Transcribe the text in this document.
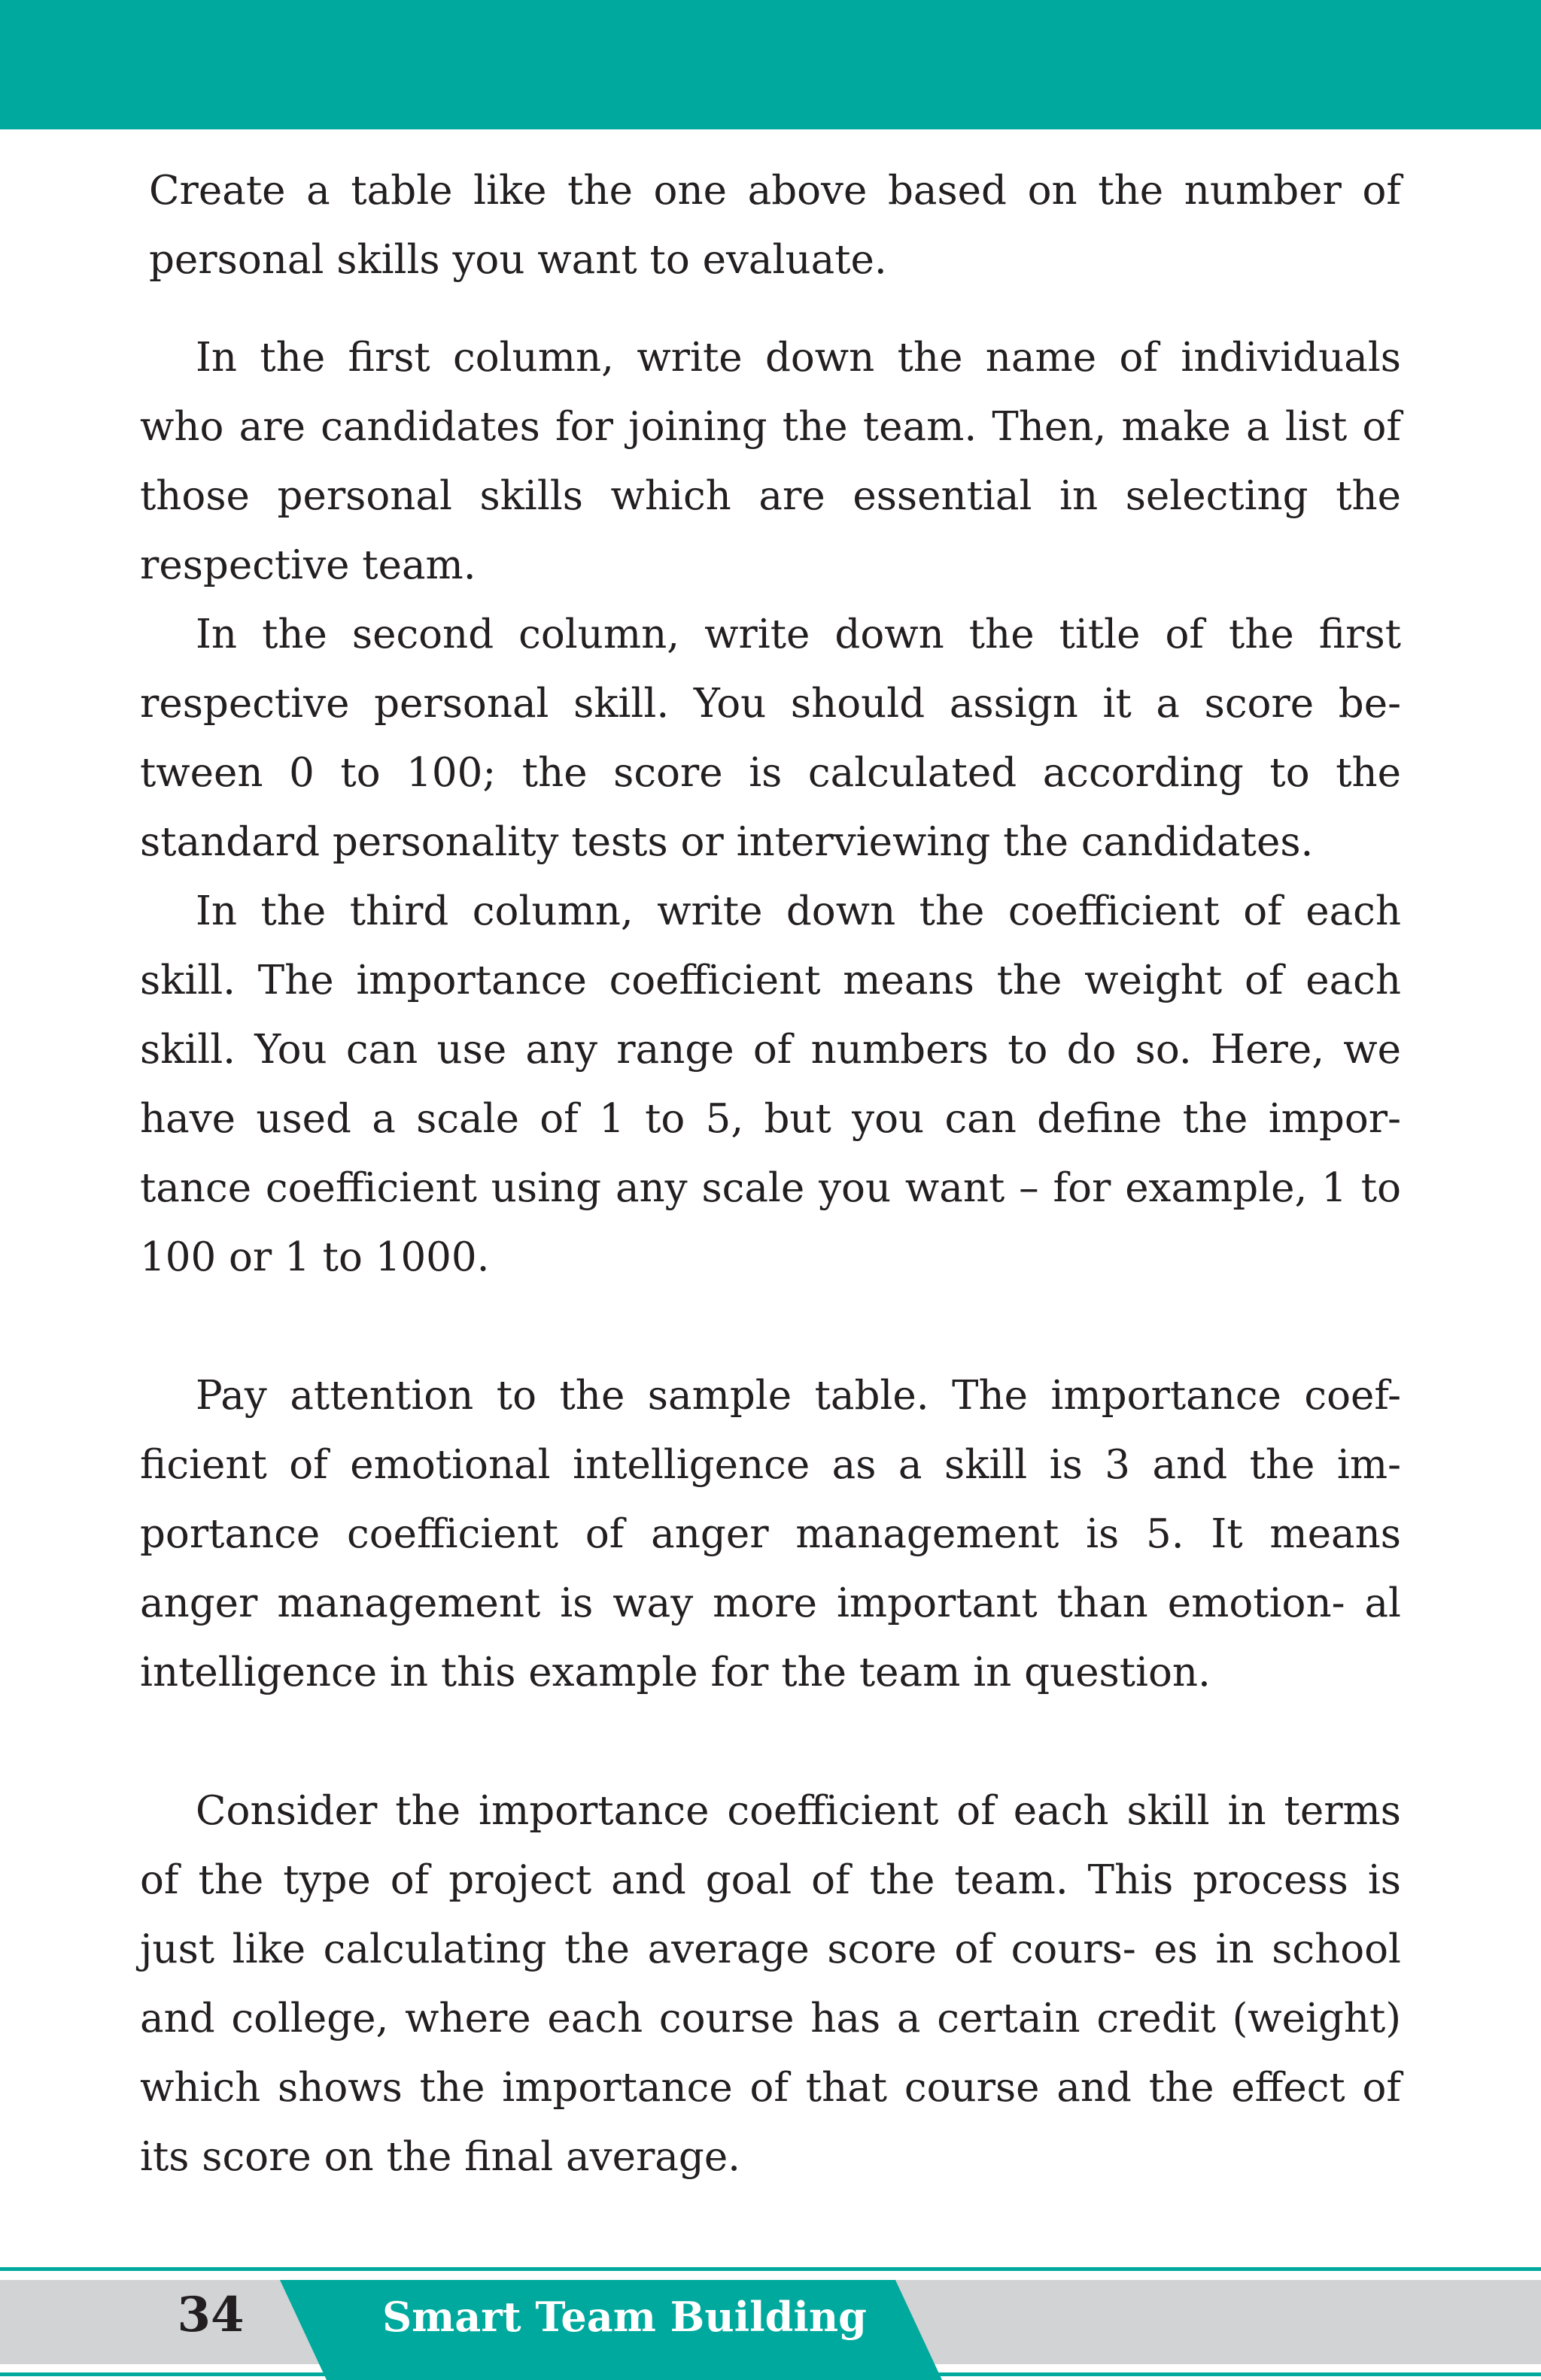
Create a table like the one above based on the number of personal skills you want to evaluate.

In the first column, write down the name of individuals who are candidates for joining the team. Then, make a list of those personal skills which are essential in selecting the respective team.

In the second column, write down the title of the first respective personal skill. You should assign it a score be- tween 0 to 100; the score is calculated according to the standard personality tests or interviewing the candidates.

In the third column, write down the coefficient of each skill. The importance coefficient means the weight of each skill. You can use any range of numbers to do so. Here, we have used a scale of 1 to 5, but you can define the impor- tance coefficient using any scale you want – for example, 1 to 100 or 1 to 1000.

Pay attention to the sample table. The importance coef- ficient of emotional intelligence as a skill is 3 and the im- portance coefficient of anger management is 5. It means anger management is way more important than emotion- al intelligence in this example for the team in question.

Consider the importance coefficient of each skill in terms of the type of project and goal of the team. This process is just like calculating the average score of cours- es in school and college, where each course has a certain credit (weight) which shows the importance of that course and the effect of its score on the final average.

34	Smart Team Building
